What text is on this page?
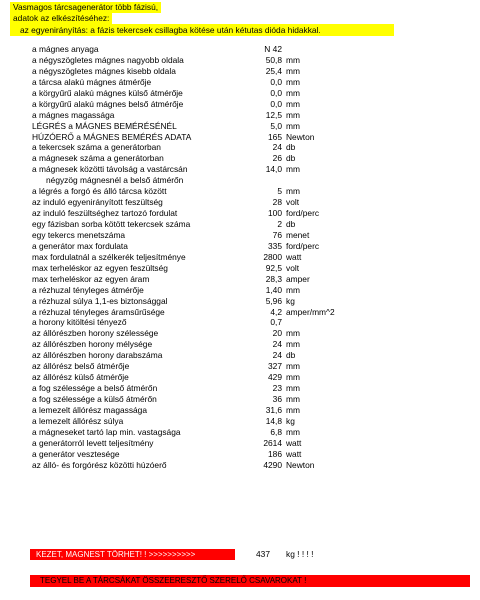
Vasmagos tárcsagenerátor több fázisú,
adatok az elkészítéséhez:
az egyenirányítás: a fázis tekercsek csillagba kötése után kétutas dióda hidakkal.
a mágnes anyaga	N 42
a négyszögletes mágnes nagyobb oldala	50,8 mm
a négyszögletes mágnes kisebb oldala	25,4 mm
a tárcsa alakú mágnes átmérője	0,0 mm
a körgyűrű alakú mágnes külső átmérője	0,0 mm
a körgyűrű alakú mágnes belső átmérője	0,0 mm
a mágnes magassága	12,5 mm
LÉGRÉS a MÁGNES BEMÉRÉSÉNÉL	5,0 mm
HÚZÓERŐ a MÁGNES BEMÉRÉS ADATA	165 Newton
a tekercsek száma a generátorban	24 db
a mágnesek száma a generátorban	26 db
a mágnesek közötti távolság a vastárcsán	14,0 mm
négyzög mágnesnél a belső átmérőn
a légrés a forgó és álló tárcsa között	5 mm
az induló egyenirányított feszültség	28 volt
az induló feszültséghez tartozó fordulat	100 ford/perc
egy fázisban sorba kötött tekercsek száma	2 db
egy tekercs menetszáma	76 menet
a generátor max fordulata	335 ford/perc
max fordulatnál a szélkerék teljesítménye	2800 watt
max terheléskor az egyen feszültség	92,5 volt
max terheléskor az egyen áram	28,3 amper
a rézhuzal tényleges átmérője	1,40 mm
a rézhuzal súlya 1,1-es biztonsággal	5,96 kg
a rézhuzal tényleges áramsűrűsége	4,2 amper/mm^2
a horony kitöltési tényező	0,7
az állórészben horony szélessége	20 mm
az állórészben horony mélysége	24 mm
az állórészben horony darabszáma	24 db
az állórész belső átmérője	327 mm
az állórész külső átmérője	429 mm
a fog szélessége a belső átmérőn	23 mm
a fog szélessége a külső átmérőn	36 mm
a lemezelt állórész magassága	31,6 mm
a lemezelt állórész súlya	14,8 kg
a mágneseket tartó lap min. vastagsága	6,8 mm
a generátorról levett teljesítmény	2614 watt
a generátor vesztesége	186 watt
az álló- és forgórész közötti húzóerő	4290 Newton
KEZET, MAGNEST TÖRHET! ! >>>>>>>>>>	437 kg ! ! ! !
TEGYEL BE A TÁRCSÁKAT ÖSSZEERESZTŐ SZERELŐ CSAVAROKAT !
